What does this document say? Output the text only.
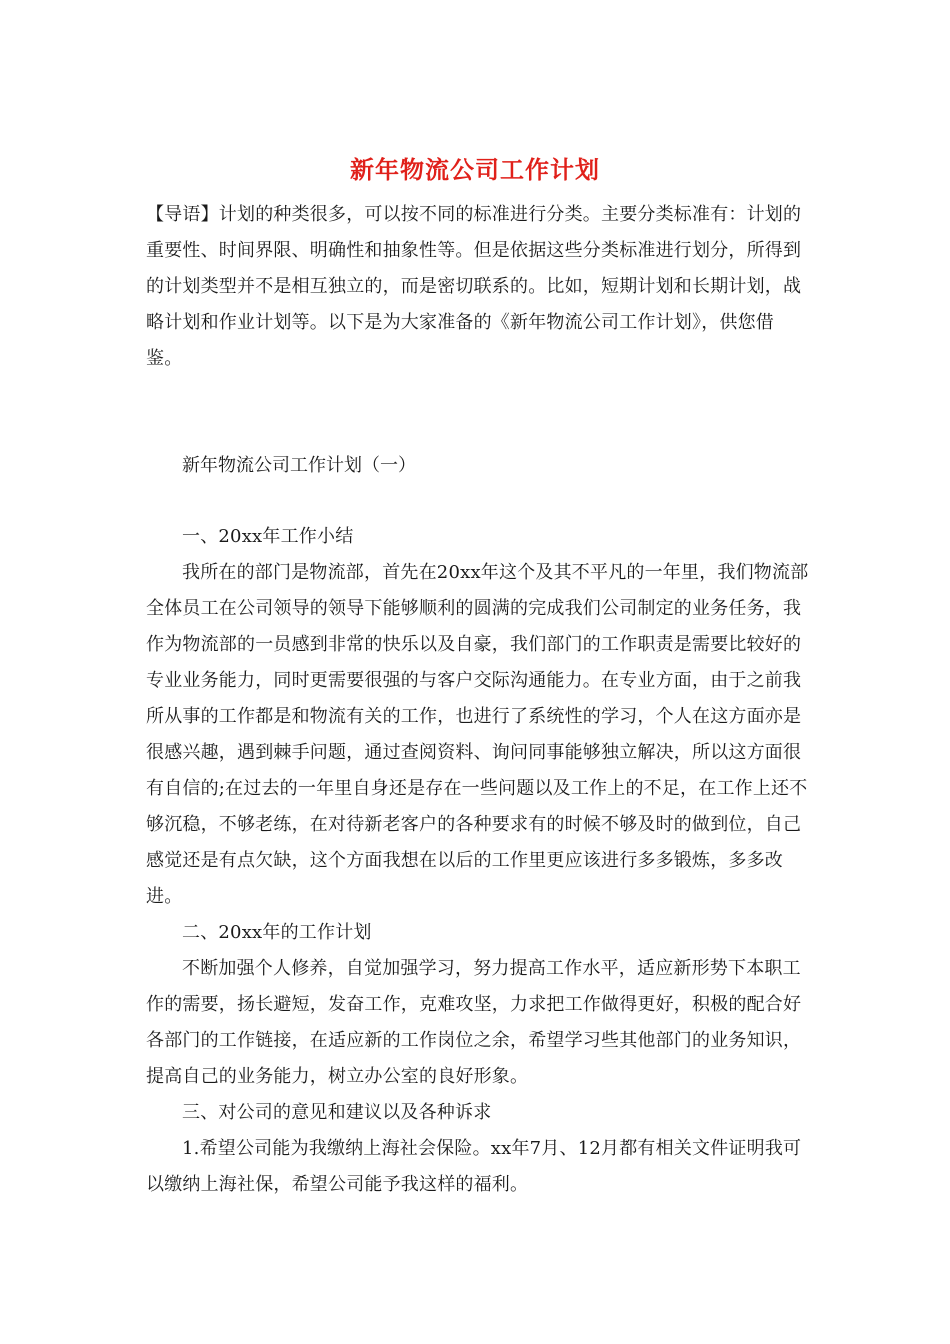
新年物流公司工作计划

【导语】计划的种类很多，可以按不同的标准进行分类。主要分类标准有：计划的重要性、时间界限、明确性和抽象性等。但是依据这些分类标准进行划分，所得到的计划类型并不是相互独立的，而是密切联系的。比如，短期计划和长期计划，战略计划和作业计划等。以下是为大家准备的《新年物流公司工作计划》，供您借鉴。

新年物流公司工作计划（一）

一、20xx年工作小结

我所在的部门是物流部，首先在20xx年这个及其不平凡的一年里，我们物流部全体员工在公司领导的领导下能够顺利的圆满的完成我们公司制定的业务任务，我作为物流部的一员感到非常的快乐以及自豪，我们部门的工作职责是需要比较好的专业业务能力，同时更需要很强的与客户交际沟通能力。在专业方面，由于之前我所从事的工作都是和物流有关的工作，也进行了系统性的学习，个人在这方面亦是很感兴趣，遇到棘手问题，通过查阅资料、询问同事能够独立解决，所以这方面很有自信的;在过去的一年里自身还是存在一些问题以及工作上的不足，在工作上还不够沉稳，不够老练，在对待新老客户的各种要求有的时候不够及时的做到位，自己感觉还是有点欠缺，这个方面我想在以后的工作里更应该进行多多锻炼，多多改进。

二、20xx年的工作计划

不断加强个人修养，自觉加强学习，努力提高工作水平，适应新形势下本职工作的需要，扬长避短，发奋工作，克难攻坚，力求把工作做得更好，积极的配合好各部门的工作链接，在适应新的工作岗位之余，希望学习些其他部门的业务知识，提高自己的业务能力，树立办公室的良好形象。

三、对公司的意见和建议以及各种诉求

1.希望公司能为我缴纳上海社会保险。xx年7月、12月都有相关文件证明我可以缴纳上海社保，希望公司能予我这样的福利。
